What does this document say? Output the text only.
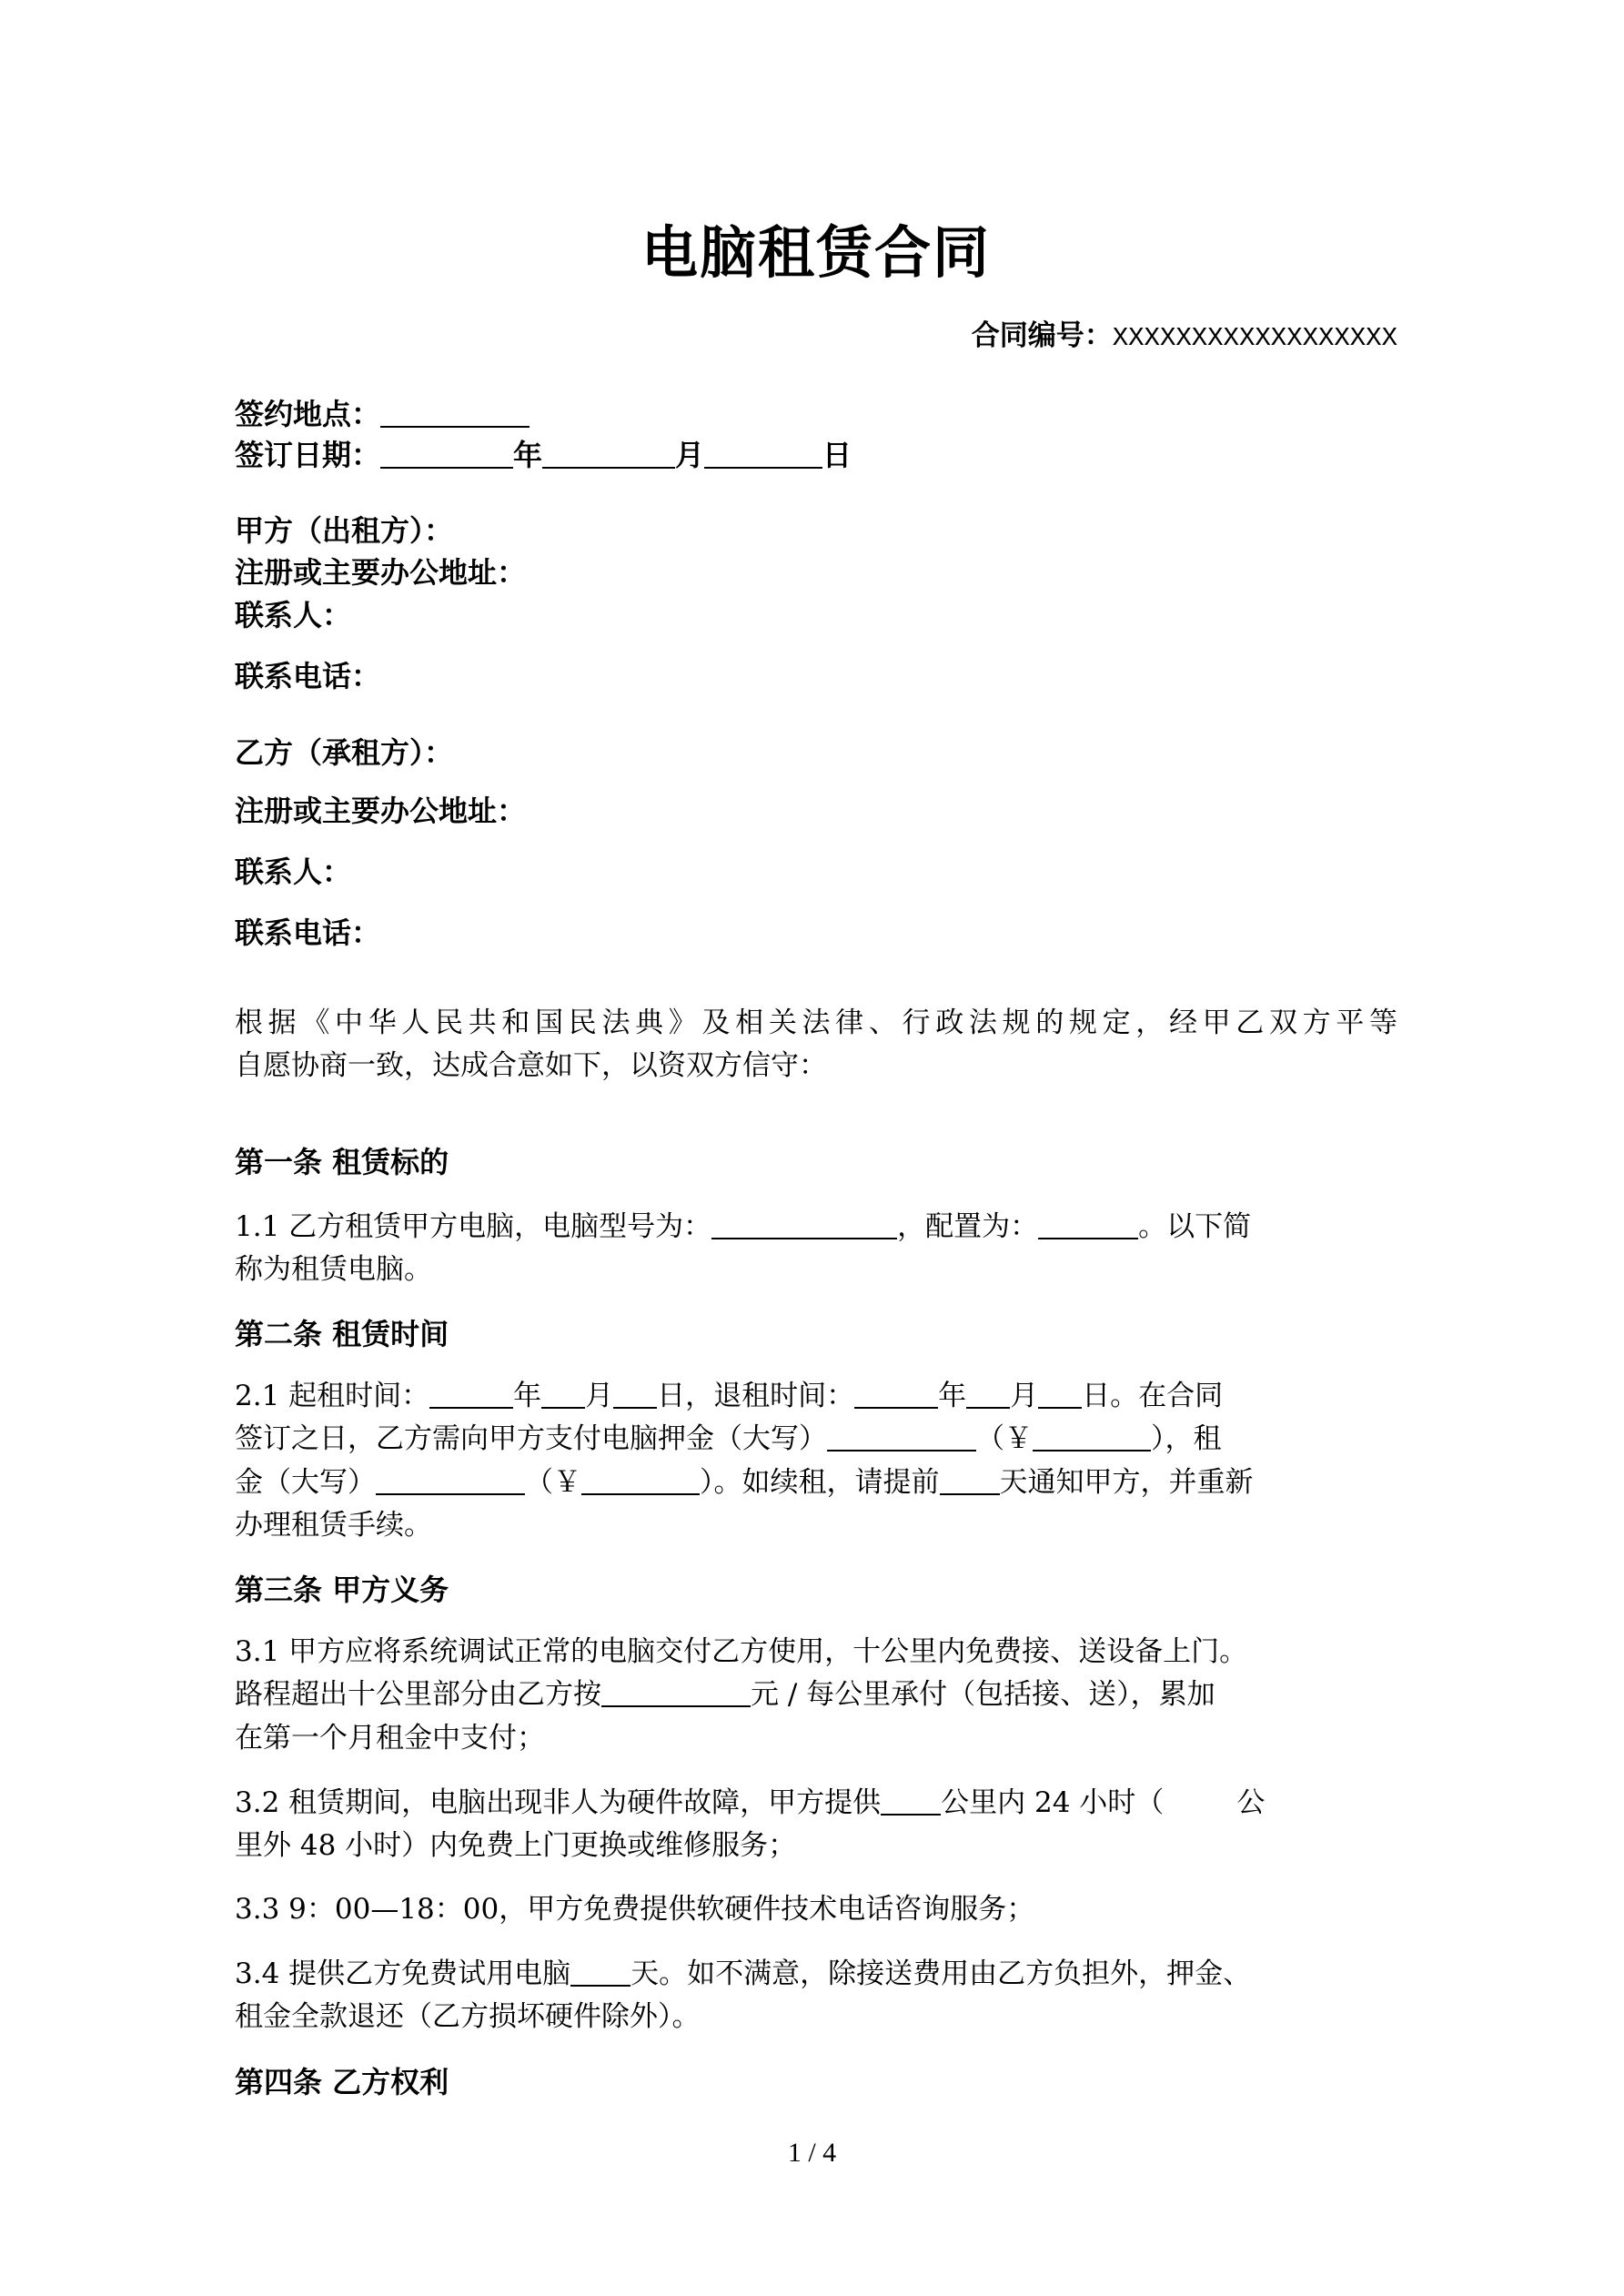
电脑租赁合同
合同编号：XXXXXXXXXXXXXXXXXX
签约地点：
签订日期：	年	月	日
甲方（出租方）：
注册或主要办公地址：
联系人：
联系电话：
乙方（承租方）：
注册或主要办公地址：
联系人：
联系电话：
根据《中华人民共和国民法典》及相关法律、行政法规的规定，经甲乙双方平等
自愿协商一致，达成合意如下，以资双方信守：
第一条 租赁标的
1.1 乙方租赁甲方电脑，电脑型号为：	，配置为：	。以下简
称为租赁电脑。
第二条 租赁时间
2.1 起租时间：	年 月 日，退租时间：	年 月 日。在合同
签订之日，乙方需向甲方支付电脑押金（大写）	（￥	），租
金（大写）	（￥	）。如续租，请提前 天通知甲方，并重新
办理租赁手续。
第三条 甲方义务
3.1 甲方应将系统调试正常的电脑交付乙方使用，十公里内免费接、送设备上门。
路程超出十公里部分由乙方按	元 / 每公里承付（包括接、送），累加
在第一个月租金中支付；
3.2 租赁期间，电脑出现非人为硬件故障，甲方提供 公里内 24 小时（	公
里外 48 小时）内免费上门更换或维修服务；
3.3 9：00—18：00，甲方免费提供软硬件技术电话咨询服务；
3.4 提供乙方免费试用电脑 天。如不满意，除接送费用由乙方负担外，押金、
租金全款退还（乙方损坏硬件除外）。
第四条 乙方权利
1 / 4
